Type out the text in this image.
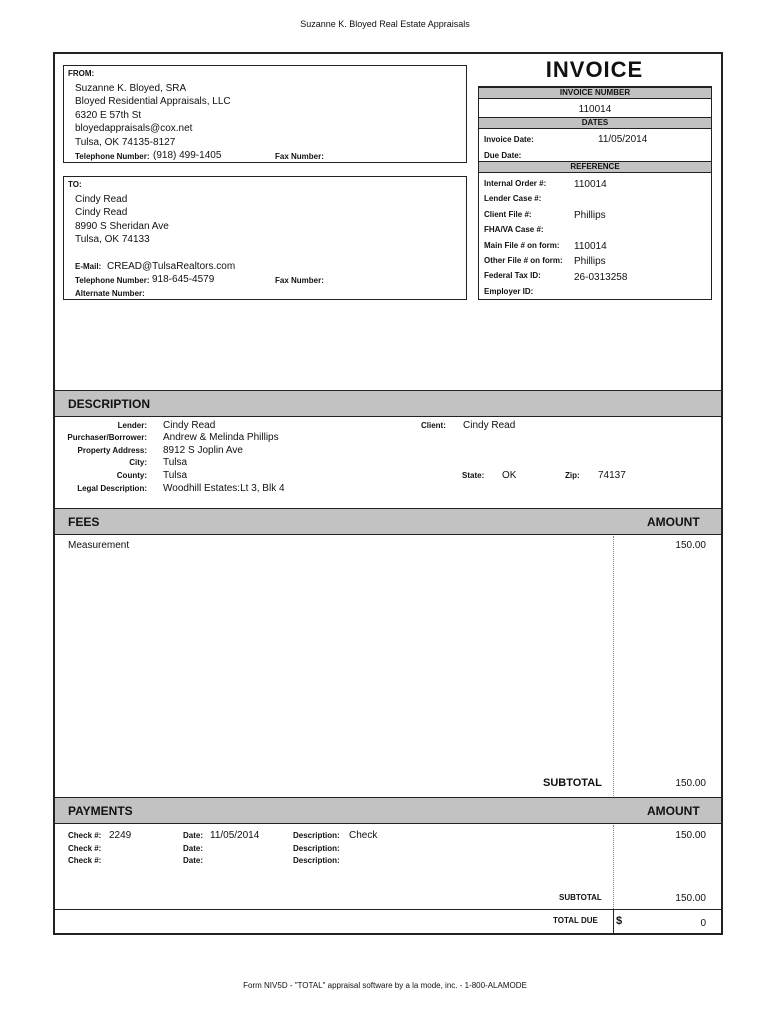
Suzanne K. Bloyed Real Estate Appraisals
INVOICE
FROM:
Suzanne K. Bloyed, SRA
Bloyed Residential Appraisals, LLC
6320 E 57th St
bloyedappraisals@cox.net
Tulsa, OK 74135-8127
Telephone Number: (918) 499-1405	Fax Number:
TO:
Cindy Read
Cindy Read
8990 S Sheridan Ave
Tulsa, OK 74133
E-Mail: CREAD@TulsaRealtors.com
Telephone Number: 918-645-4579	Fax Number:
Alternate Number:
INVOICE NUMBER
110014
DATES
Invoice Date:	11/05/2014
Due Date:
REFERENCE
Internal Order #:	110014
Lender Case #:
Client File #:	Phillips
FHA/VA Case #:
Main File # on form: 110014
Other File # on form: Phillips
Federal Tax ID:	26-0313258
Employer ID:
DESCRIPTION
Lender: Cindy Read	Client: Cindy Read
Purchaser/Borrower: Andrew & Melinda Phillips
Property Address: 8912 S Joplin Ave
City: Tulsa
County: Tulsa	State: OK	Zip: 74137
Legal Description: Woodhill Estates:Lt 3, Blk 4
FEES	AMOUNT
Measurement	150.00
SUBTOTAL	150.00
PAYMENTS	AMOUNT
Check #: 2249	Date: 11/05/2014	Description: Check	150.00
Check #:	Date:	Description:
Check #:	Date:	Description:
SUBTOTAL	150.00
TOTAL DUE $	0
Form NIV5D - "TOTAL" appraisal software by a la mode, inc. - 1-800-ALAMODE
